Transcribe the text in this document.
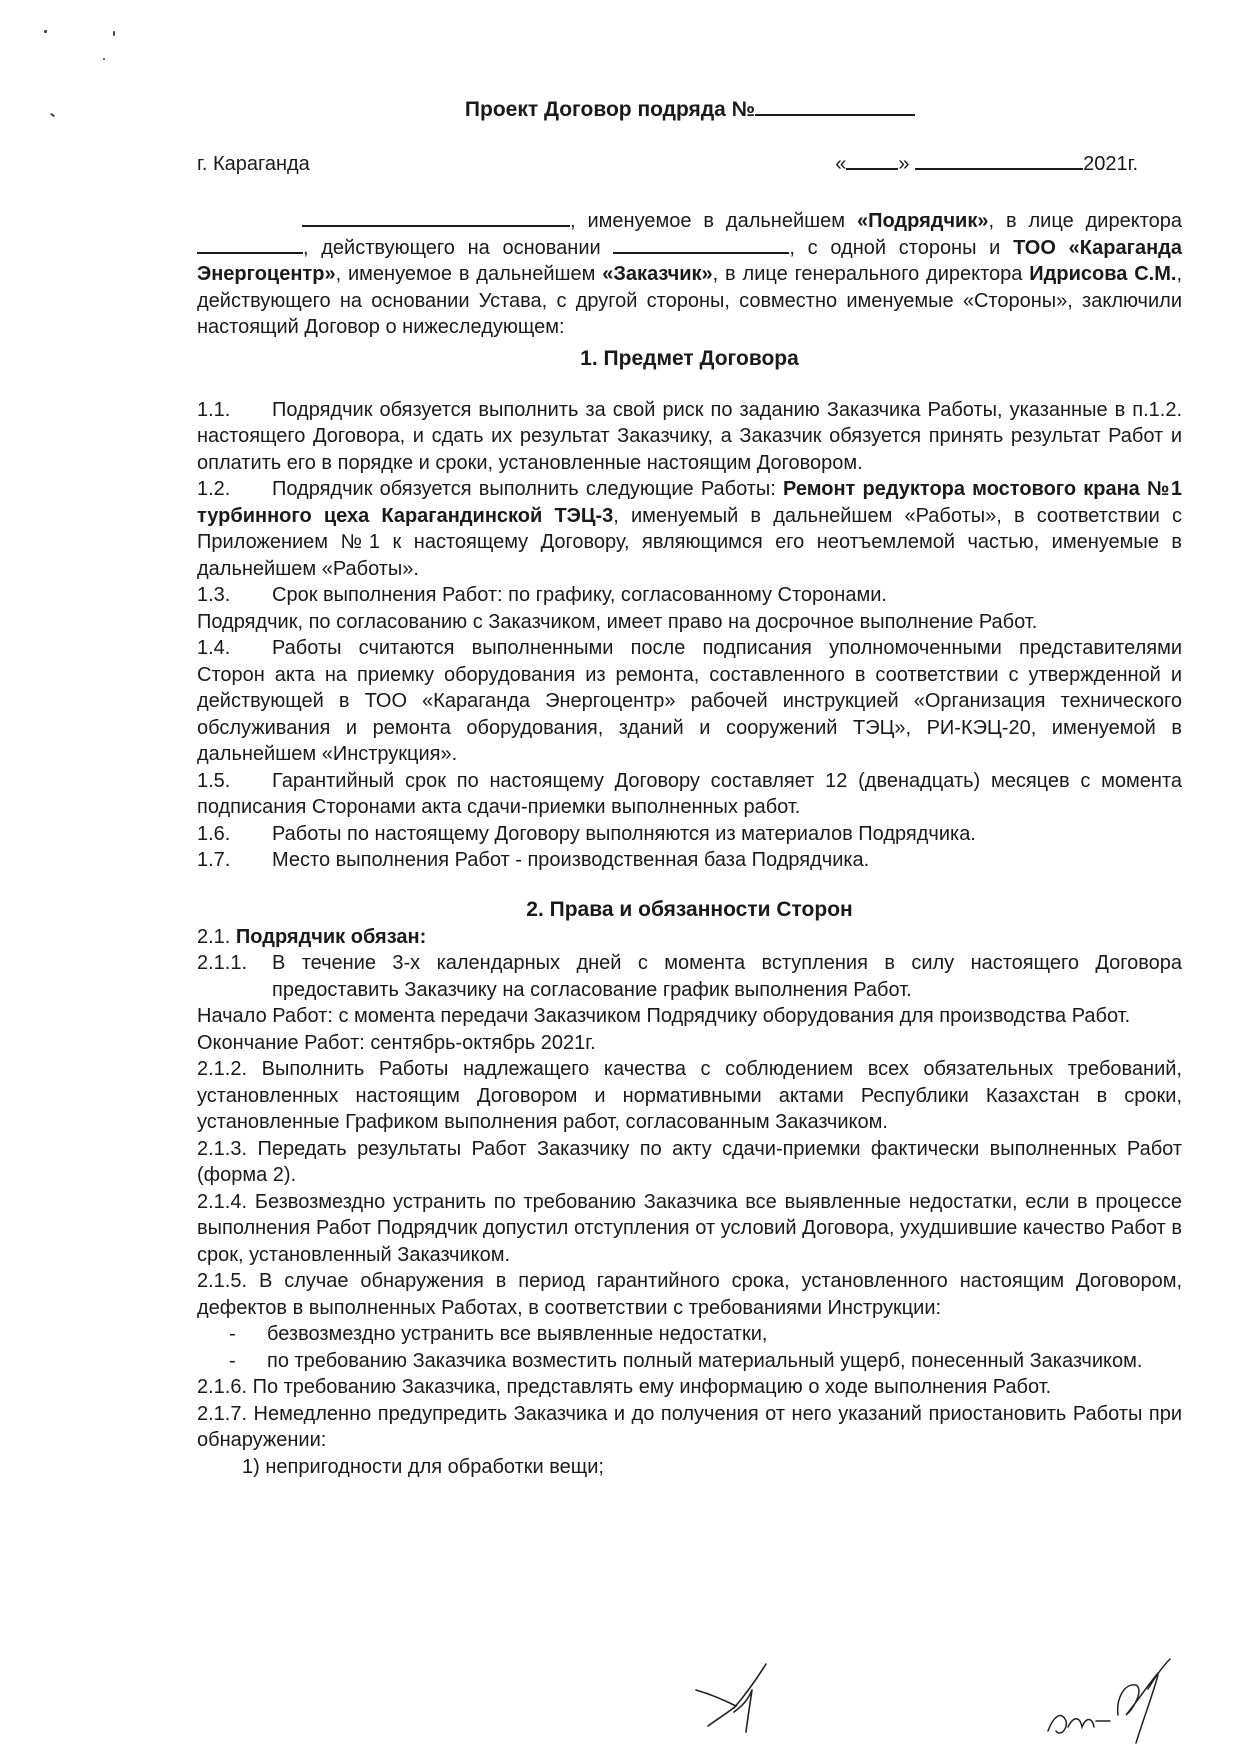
Проект Договор подряда №
г. Караганда	«	»	2021г.

, именуемое в дальнейшем «Подрядчик», в лице директора , действующего на основании	, с одной стороны и ТОО «Караганда Энергоцентр», именуемое в дальнейшем «Заказчик», в лице генерального директора Идрисова С.М., действующего на основании Устава, с другой стороны, совместно именуемые «Стороны», заключили настоящий Договор о нижеследующем:

1. Предмет Договора

1.1. Подрядчик обязуется выполнить за свой риск по заданию Заказчика Работы, указанные в п.1.2. настоящего Договора, и сдать их результат Заказчику, а Заказчик обязуется принять результат Работ и оплатить его в порядке и сроки, установленные настоящим Договором.

1.2. Подрядчик обязуется выполнить следующие Работы: Ремонт редуктора мостового крана №1 турбинного цеха Карагандинской ТЭЦ-3, именуемый в дальнейшем «Работы», в соответствии с Приложением №1 к настоящему Договору, являющимся его неотъемлемой частью, именуемые в дальнейшем «Работы».

1.3. Срок выполнения Работ: по графику, согласованному Сторонами.

Подрядчик, по согласованию с Заказчиком, имеет право на досрочное выполнение Работ.

1.4. Работы считаются выполненными после подписания уполномоченными представителями Сторон акта на приемку оборудования из ремонта, составленного в соответствии с утвержденной и действующей в ТОО «Караганда Энергоцентр» рабочей инструкцией «Организация технического обслуживания и ремонта оборудования, зданий и сооружений ТЭЦ», РИ-КЭЦ-20, именуемой в дальнейшем «Инструкция».

1.5. Гарантийный срок по настоящему Договору составляет 12 (двенадцать) месяцев с момента подписания Сторонами акта сдачи-приемки выполненных работ.

1.6. Работы по настоящему Договору выполняются из материалов Подрядчика.

1.7. Место выполнения Работ - производственная база Подрядчика.

2. Права и обязанности Сторон

2.1. Подрядчик обязан:

2.1.1. В течение 3-х календарных дней с момента вступления в силу настоящего Договора предоставить Заказчику на согласование график выполнения Работ.

Начало Работ: с момента передачи Заказчиком Подрядчику оборудования для производства Работ.

Окончание Работ: сентябрь-октябрь 2021г.

2.1.2. Выполнить Работы надлежащего качества с соблюдением всех обязательных требований, установленных настоящим Договором и нормативными актами Республики Казахстан в сроки, установленные Графиком выполнения работ, согласованным Заказчиком.

2.1.3. Передать результаты Работ Заказчику по акту сдачи-приемки фактически выполненных Работ (форма 2).

2.1.4. Безвозмездно устранить по требованию Заказчика все выявленные недостатки, если в процессе выполнения Работ Подрядчик допустил отступления от условий Договора, ухудшившие качество Работ в срок, установленный Заказчиком.

2.1.5. В случае обнаружения в период гарантийного срока, установленного настоящим Договором, дефектов в выполненных Работах, в соответствии с требованиями Инструкции:

- безвозмездно устранить все выявленные недостатки,

- по требованию Заказчика возместить полный материальный ущерб, понесенный Заказчиком.

2.1.6. По требованию Заказчика, представлять ему информацию о ходе выполнения Работ.

2.1.7. Немедленно предупредить Заказчика и до получения от него указаний приостановить Работы при обнаружении:

1) непригодности для обработки вещи;
